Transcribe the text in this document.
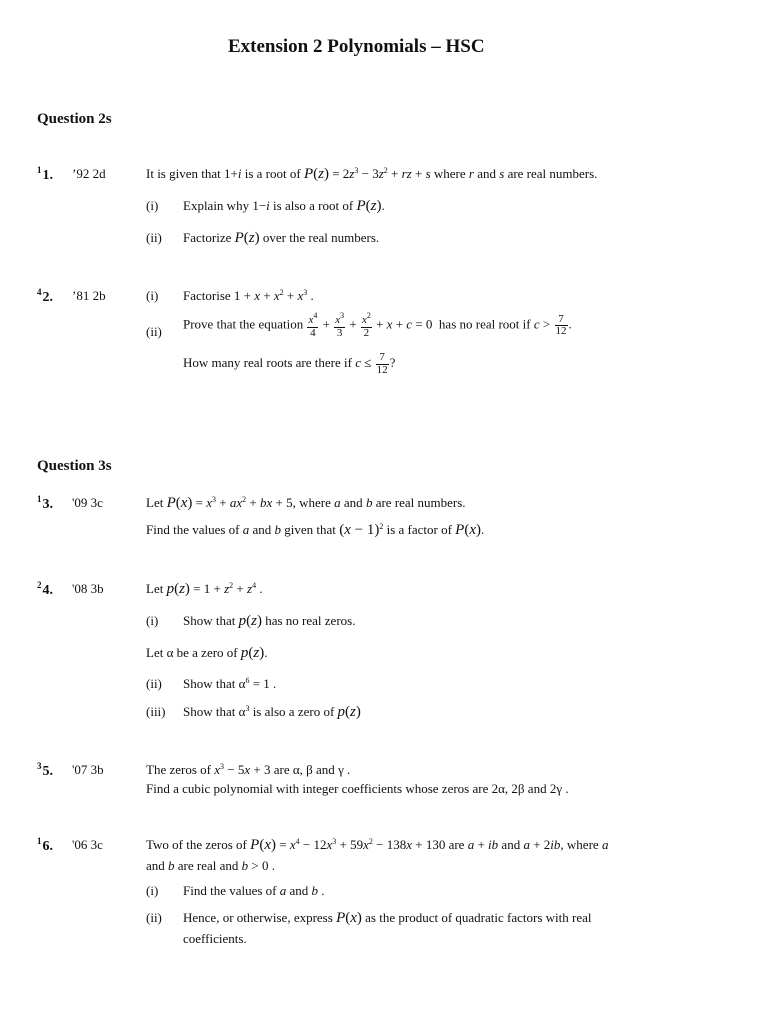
Extension 2 Polynomials – HSC
Question 2s
$^1$1. ’92 2d	It is given that 1+i is a root of $P(z) = 2z^3 - 3z^2$ + rz + s where r and s are real numbers.
(i) Explain why 1−i is also a root of P(z).
(ii) Factorize P(z) over the real numbers.
$^4$2. ’81 2b	(i) Factorise $1 + x + x^2 + x^3$ .
(ii) Prove that the equation $\frac{x^4}{4} + \frac{x^3}{3} + \frac{x^2}{2} + x + c = 0$  has no real root if $c > \frac{7}{12}$ .
How many real roots are there if $c \le \frac{7}{12}$ ?
Question 3s
$^1$3. '09 3c	Let $P(x) = x^3 + ax^2$ + bx + 5, where a and b are real numbers.
Find the values of a and b given that $(x - 1)^2$ is a factor of P(x).
$^2$4. '08 3b	Let $p(z) = 1 + z^2 + z^4$ .
(i) Show that p(z) has no real zeros.
Let α be a zero of p(z).
(ii) Show that $\alpha^6 = 1$ .
(iii) Show that $\alpha^3$ is also a zero of p(z)
$^3$5. '07 3b	The zeros of $x^3 - 5x + 3$ are α, β and γ .
Find a cubic polynomial with integer coefficients whose zeros are 2α, 2β and 2γ .
$^1$6. '06 3c	Two of the zeros of $P(x) = x^4 - 12x^3 + 59x^2 - 138x + 130$ are a + ib and a + 2ib, where a
and b are real and b > 0 .
(i) Find the values of a and b .
(ii) Hence, or otherwise, express P(x) as the product of quadratic factors with real
coefficients.
